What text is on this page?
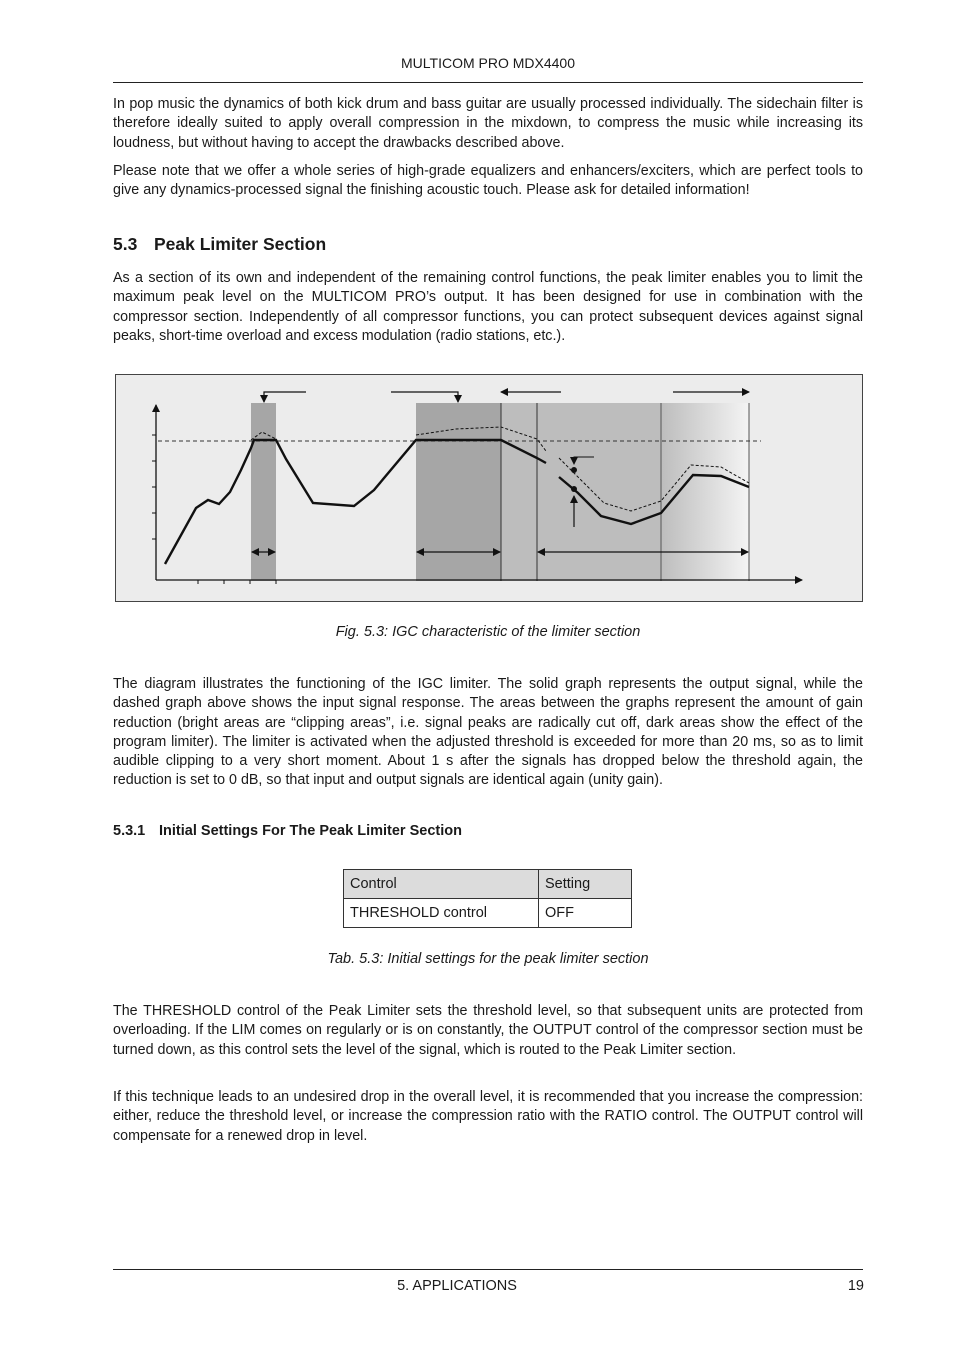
MULTICOM PRO MDX4400

In pop music the dynamics of both kick drum and bass guitar are usually processed individually. The sidechain filter is therefore ideally suited to apply overall compression in the mixdown, to compress the music while increasing its loudness, but without having to accept the drawbacks described above.

Please note that we offer a whole series of high-grade equalizers and enhancers/exciters, which are perfect tools to give any dynamics-processed signal the finishing acoustic touch. Please ask for detailed information!

5.3 Peak Limiter Section

As a section of its own and independent of the remaining control functions, the peak limiter enables you to limit the maximum peak level on the MULTICOM PRO’s output. It has been designed for use in combination with the compressor section. Independently of all compressor functions, you can protect subsequent devices against signal peaks, short-time overload and excess modulation (radio stations, etc.).

Fig. 5.3: IGC characteristic of the limiter section

The diagram illustrates the functioning of the IGC limiter. The solid graph represents the output signal, while the dashed graph above shows the input signal response. The areas between the graphs represent the amount of gain reduction (bright areas are “clipping areas”, i.e. signal peaks are radically cut off, dark areas show the effect of the program limiter). The limiter is activated when the adjusted threshold is exceeded for more than 20 ms, so as to limit audible clipping to a very short moment. About 1 s after the signals has dropped below the threshold again, the reduction is set to 0 dB, so that input and output signals are identical again (unity gain).

5.3.1 Initial Settings For The Peak Limiter Section
Control	Setting
THRESHOLD control	OFF
Tab. 5.3: Initial settings for the peak limiter section

The THRESHOLD control of the Peak Limiter sets the threshold level, so that subsequent units are protected from overloading. If the LIM comes on regularly or is on constantly, the OUTPUT control of the compressor section must be turned down, as this control sets the level of the signal, which is routed to the Peak Limiter section.

If this technique leads to an undesired drop in the overall level, it is recommended that you increase the compression: either, reduce the threshold level, or increase the compression ratio with the RATIO control. The OUTPUT control will compensate for a renewed drop in level.

5. APPLICATIONS	19
